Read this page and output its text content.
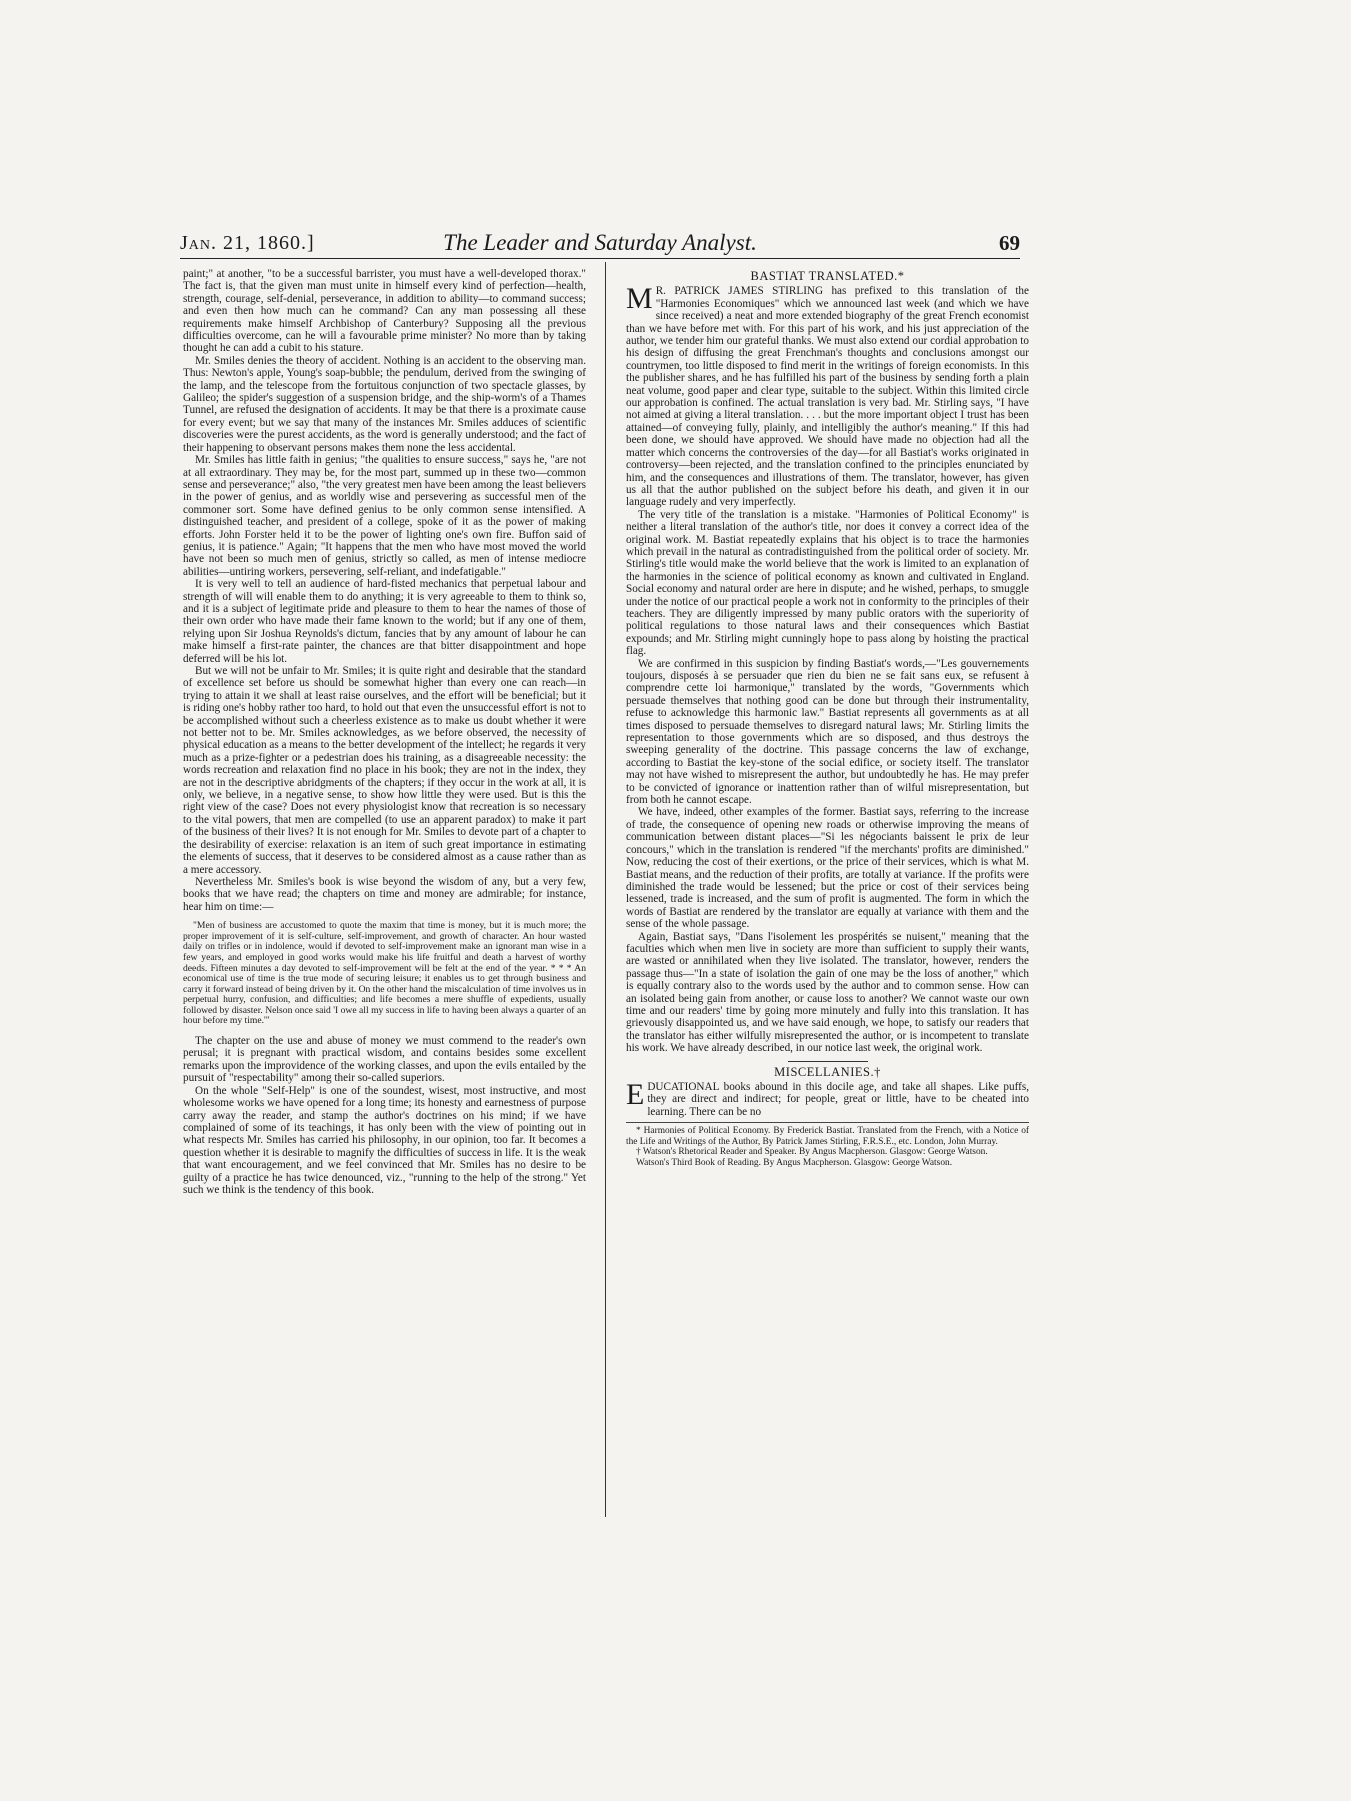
Jan. 21, 1860.]	The Leader and Saturday Analyst.	69

paint;" at another, "to be a successful barrister, you must have a well-developed thorax." The fact is, that the given man must unite in himself every kind of perfection—health, strength, courage, self-denial, perseverance, in addition to ability—to command success; and even then how much can he command? Can any man possessing all these requirements make himself Archbishop of Canterbury? Supposing all the previous difficulties overcome, can he will a favourable prime minister? No more than by taking thought he can add a cubit to his stature.

Mr. Smiles denies the theory of accident. Nothing is an accident to the observing man. Thus: Newton's apple, Young's soap-bubble; the pendulum, derived from the swinging of the lamp, and the telescope from the fortuitous conjunction of two spectacle glasses, by Galileo; the spider's suggestion of a suspension bridge, and the ship-worm's of a Thames Tunnel, are refused the designation of accidents. It may be that there is a proximate cause for every event; but we say that many of the instances Mr. Smiles adduces of scientific discoveries were the purest accidents, as the word is generally understood; and the fact of their happening to observant persons makes them none the less accidental.

Mr. Smiles has little faith in genius; "the qualities to ensure success," says he, "are not at all extraordinary. They may be, for the most part, summed up in these two—common sense and perseverance;" also, "the very greatest men have been among the least believers in the power of genius, and as worldly wise and persevering as successful men of the commoner sort. Some have defined genius to be only common sense intensified. A distinguished teacher, and president of a college, spoke of it as the power of making efforts. John Forster held it to be the power of lighting one's own fire. Buffon said of genius, it is patience." Again; "It happens that the men who have most moved the world have not been so much men of genius, strictly so called, as men of intense mediocre abilities—untiring workers, persevering, self-reliant, and indefatigable."

It is very well to tell an audience of hard-fisted mechanics that perpetual labour and strength of will will enable them to do anything; it is very agreeable to them to think so, and it is a subject of legitimate pride and pleasure to them to hear the names of those of their own order who have made their fame known to the world; but if any one of them, relying upon Sir Joshua Reynolds's dictum, fancies that by any amount of labour he can make himself a first-rate painter, the chances are that bitter disappointment and hope deferred will be his lot.

But we will not be unfair to Mr. Smiles; it is quite right and desirable that the standard of excellence set before us should be somewhat higher than every one can reach—in trying to attain it we shall at least raise ourselves, and the effort will be beneficial; but it is riding one's hobby rather too hard, to hold out that even the unsuccessful effort is not to be accomplished without such a cheerless existence as to make us doubt whether it were not better not to be. Mr. Smiles acknowledges, as we before observed, the necessity of physical education as a means to the better development of the intellect; he regards it very much as a prize-fighter or a pedestrian does his training, as a disagreeable necessity: the words recreation and relaxation find no place in his book; they are not in the index, they are not in the descriptive abridgments of the chapters; if they occur in the work at all, it is only, we believe, in a negative sense, to show how little they were used. But is this the right view of the case? Does not every physiologist know that recreation is so necessary to the vital powers, that men are compelled (to use an apparent paradox) to make it part of the business of their lives? It is not enough for Mr. Smiles to devote part of a chapter to the desirability of exercise: relaxation is an item of such great importance in estimating the elements of success, that it deserves to be considered almost as a cause rather than as a mere accessory.

Nevertheless Mr. Smiles's book is wise beyond the wisdom of any, but a very few, books that we have read; the chapters on time and money are admirable; for instance, hear him on time:—

"Men of business are accustomed to quote the maxim that time is money, but it is much more; the proper improvement of it is self-culture, self-improvement, and growth of character. An hour wasted daily on trifles or in indolence, would if devoted to self-improvement make an ignorant man wise in a few years, and employed in good works would make his life fruitful and death a harvest of worthy deeds. Fifteen minutes a day devoted to self-improvement will be felt at the end of the year. * * * An economical use of time is the true mode of securing leisure; it enables us to get through business and carry it forward instead of being driven by it. On the other hand the miscalculation of time involves us in perpetual hurry, confusion, and difficulties; and life becomes a mere shuffle of expedients, usually followed by disaster. Nelson once said 'I owe all my success in life to having been always a quarter of an hour before my time.'"

The chapter on the use and abuse of money we must commend to the reader's own perusal; it is pregnant with practical wisdom, and contains besides some excellent remarks upon the improvidence of the working classes, and upon the evils entailed by the pursuit of "respectability" among their so-called superiors.

On the whole "Self-Help" is one of the soundest, wisest, most instructive, and most wholesome works we have opened for a long time; its honesty and earnestness of purpose carry away the reader, and stamp the author's doctrines on his mind; if we have complained of some of its teachings, it has only been with the view of pointing out in what respects Mr. Smiles has carried his philosophy, in our opinion, too far. It becomes a question whether it is desirable to magnify the difficulties of success in life. It is the weak that want encouragement, and we feel convinced that Mr. Smiles has no desire to be guilty of a practice he has twice denounced, viz., "running to the help of the strong." Yet such we think is the tendency of this book.

BASTIAT TRANSLATED.*

M R. PATRICK JAMES STIRLING has prefixed to this translation of the "Harmonies Economiques" which we announced last week (and which we have since received) a neat and more extended biography of the great French economist than we have before met with. For this part of his work, and his just appreciation of the author, we tender him our grateful thanks. We must also extend our cordial approbation to his design of diffusing the great Frenchman's thoughts and conclusions amongst our countrymen, too little disposed to find merit in the writings of foreign economists. In this the publisher shares, and he has fulfilled his part of the business by sending forth a plain neat volume, good paper and clear type, suitable to the subject. Within this limited circle our approbation is confined. The actual translation is very bad. Mr. Stirling says, "I have not aimed at giving a literal translation. . . . but the more important object I trust has been attained—of conveying fully, plainly, and intelligibly the author's meaning." If this had been done, we should have approved. We should have made no objection had all the matter which concerns the controversies of the day—for all Bastiat's works originated in controversy—been rejected, and the translation confined to the principles enunciated by him, and the consequences and illustrations of them. The translator, however, has given us all that the author published on the subject before his death, and given it in our language rudely and very imperfectly.

The very title of the translation is a mistake. "Harmonies of Political Economy" is neither a literal translation of the author's title, nor does it convey a correct idea of the original work. M. Bastiat repeatedly explains that his object is to trace the harmonies which prevail in the natural as contradistinguished from the political order of society. Mr. Stirling's title would make the world believe that the work is limited to an explanation of the harmonies in the science of political economy as known and cultivated in England. Social economy and natural order are here in dispute; and he wished, perhaps, to smuggle under the notice of our practical people a work not in conformity to the principles of their teachers. They are diligently impressed by many public orators with the superiority of political regulations to those natural laws and their consequences which Bastiat expounds; and Mr. Stirling might cunningly hope to pass along by hoisting the practical flag.

We are confirmed in this suspicion by finding Bastiat's words,—"Les gouvernements toujours, disposés à se persuader que rien du bien ne se fait sans eux, se refusent à comprendre cette loi harmonique," translated by the words, "Governments which persuade themselves that nothing good can be done but through their instrumentality, refuse to acknowledge this harmonic law." Bastiat represents all governments as at all times disposed to persuade themselves to disregard natural laws; Mr. Stirling limits the representation to those governments which are so disposed, and thus destroys the sweeping generality of the doctrine. This passage concerns the law of exchange, according to Bastiat the key-stone of the social edifice, or society itself. The translator may not have wished to misrepresent the author, but undoubtedly he has. He may prefer to be convicted of ignorance or inattention rather than of wilful misrepresentation, but from both he cannot escape.

We have, indeed, other examples of the former. Bastiat says, referring to the increase of trade, the consequence of opening new roads or otherwise improving the means of communication between distant places—"Si les négociants baissent le prix de leur concours," which in the translation is rendered "if the merchants' profits are diminished." Now, reducing the cost of their exertions, or the price of their services, which is what M. Bastiat means, and the reduction of their profits, are totally at variance. If the profits were diminished the trade would be lessened; but the price or cost of their services being lessened, trade is increased, and the sum of profit is augmented. The form in which the words of Bastiat are rendered by the translator are equally at variance with them and the sense of the whole passage.

Again, Bastiat says, "Dans l'isolement les prospérités se nuisent," meaning that the faculties which when men live in society are more than sufficient to supply their wants, are wasted or annihilated when they live isolated. The translator, however, renders the passage thus—"In a state of isolation the gain of one may be the loss of another," which is equally contrary also to the words used by the author and to common sense. How can an isolated being gain from another, or cause loss to another? We cannot waste our own time and our readers' time by going more minutely and fully into this translation. It has grievously disappointed us, and we have said enough, we hope, to satisfy our readers that the translator has either wilfully misrepresented the author, or is incompetent to translate his work. We have already described, in our notice last week, the original work.

MISCELLANIES.†

EDUCATIONAL books abound in this docile age, and take all shapes. Like puffs, they are direct and indirect; for people, great or little, have to be cheated into learning. There can be no

* Harmonies of Political Economy. By Frederick Bastiat. Translated from the French, with a Notice of the Life and Writings of the Author, By Patrick James Stirling, F.R.S.E., etc. London, John Murray.

† Watson's Rhetorical Reader and Speaker. By Angus Macpherson. Glasgow: George Watson.

Watson's Third Book of Reading. By Angus Macpherson. Glasgow: George Watson.
